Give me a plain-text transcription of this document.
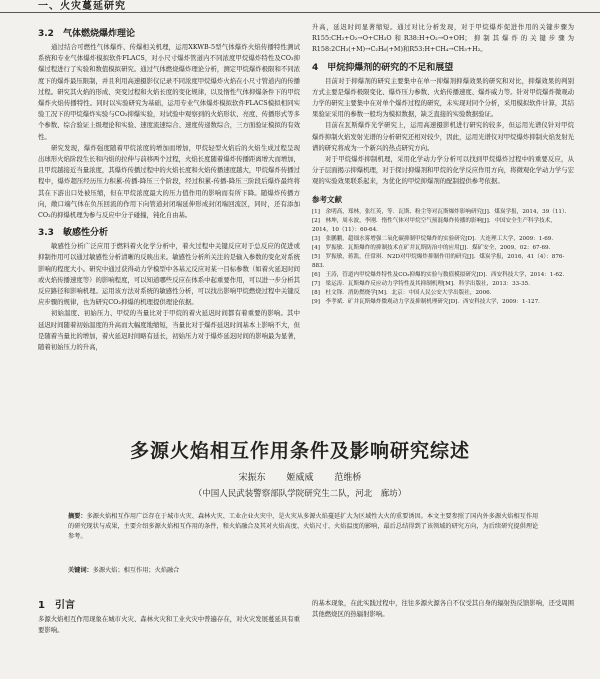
一、火灾蔓延研究
3.2　气体燃烧爆炸理论

通过结合可燃性气体爆炸、传爆相关机理，运用XKWB-5型气体爆炸火焰传播特性测试系统和专业气体爆炸模拟软件FLACS，对小尺寸爆炸管道内不同浓度甲烷爆炸特性及CO₂抑爆过程进行了实验和数值模拟研究。通过气体燃烧爆炸理论分析，测定甲烷爆炸极限和不同浓度下的爆炸最压限制，并且利用高速摄影仪记录不同浓度甲烷爆炸火焰在小尺寸管道内的传播过程。研究其火焰的形成、突变过程和火焰长度的变化规律，以及惰性气体抑爆条件下的甲烷爆炸火焰传播特性。同时以实验研究为基础，运用专业气体爆炸模拟软件FLACS模拟相同实验工况下的甲烷爆炸实验与CO₂抑爆实验，对试验中观察到的火焰形状、亮度、传播形式等多个参数、综合验证上级理论和实验、速度流速综合、速度传递数综合，三方面验证模拟的有效性。

研究发现，爆炸强度随着甲烷浓度的增加而增加，甲烷轻型火焰后的火焰生成过程呈现出球形火焰阶段生长和内焰的拉伸与前移两个过程，火焰长度随着爆炸传播距离增大而增加，且甲烷越接近当量浓度，其爆炸传播过程中的火焰长度和火焰传播速度越大，甲烷爆炸传播过程中，爆炸超压经历压力积累-传播-降压三个阶段，经过积累-传播-降压三阶段后爆炸最终将其在下游出口处被压缩，但在甲烷浓度最大的压力值作用的影响而有所下降。随爆炸传播方向，敞口端气体在负压回流的作用下向管道封闭端延伸形成封闭端回流区，同时，还有添加CO₂的抑爆机理为参与反应中分子碰撞，钝化自由基。

3.3　敏感性分析

敏感性分析广泛应用于燃料着火化学分析中，着火过程中关键反应对于总反应的促进或抑制作用可以通过敏感性分析清晰的反映出来。敏感性分析所关注的是输入参数的变化对系统影响的程度大小。研究中通过获得动力学模型中各基元反应对某一目标参数（如着火延迟时间或火焰传播速度等）的影响程度，可以知道哪些反应在体系中起重要作用，可以进一步分析其反应路径和影响机理。运用该方法对系统的敏感性分析，可以找出影响甲烷燃烧过程中关键反应步骤的规律，也为研究CO₂抑爆的机理提供理论依据。

初始温度、初始压力、甲烷的当量比对于甲烷的着火延迟时间都有着重要的影响。其中延迟时间随着初始温度的升高而大幅度地缩短，当量比对于爆炸延迟时间基本上影响不大，但是随着当量比的增加，着火延迟时间略有延长，初始压力对于爆炸延迟时间的影响最为显著，随着初始压力的升高，

升高，延迟时间显著缩短。通过对比分析发现，对于甲烷爆炸促进作用的关键步骤为R155:CH₃+O₂→O+CH₃O和R38:H+O₂→O+OH；抑制其爆炸的关键步骤为R158:2CH₃(+M)→C₂H₆(+M)和R53:H+CH₄→CH₃+H₂。

4　甲烷抑爆剂的研究的不足和展望

目前对于抑爆剂的研究主要集中在单一抑爆剂抑爆效果的研究和对比，抑爆效果的判别方式主要是爆炸极限变化、爆炸压力参数、火焰传播速度、爆炸威力等。针对甲烷爆炸微观动力学的研究主要集中在对单个爆炸过程的研究，未实现对同个分析，采用模拟软件计算，其结果验证采用的参数一般均为模拟数据，缺乏直接的实验数据验证。

目前在瓦斯爆炸光学研究上，运用高速摄影机进行研究的较多，但运用光谱仪针对甲烷爆炸抑制火焰发射光谱的分析研究还相对较少，因此，运用光谱仪对甲烷爆炸抑制火焰发射光谱的研究将成为一个新兴的热点研究方向。

对于甲烷爆炸抑制机理，采用化学动力学分析可以找到甲烷爆炸过程中的重要反应，从分子层面揭示抑爆机理，对于探讨抑爆剂和甲烷的化学反应作用方向，将微观化学动力学与宏观的实验效果联系起来，为优化的甲烷抑爆剂的配制提供参考依据。

参考文献
[1]　余明高，郑林，张红英，等．瓦斯、粉尘等对瓦斯爆炸影响研究[J]．煤炭学报，2014，39（11）．
[2]　林坤，周永波，李刚．惰性气体对甲烷空气预混爆炸传播的影响[J]．中国安全生产科学技术，2014，10（11）：60-64．
[3]　张鹏鹏，超细水雾增强二氧化碳抑制甲烷爆炸的实验研究[D]．大连理工大学，2009：1-69．
[4]　罗振敏．瓦斯爆炸的抑制技术在矿井瓦斯防治中的应用[J]．煤矿安全，2009，02：67-69．
[5]　罗振敏，蒋凯，任常琪．N2D对甲烷爆炸抑制作用的研究[J]．煤炭学报，2016，41（4）：876-883．
[6]　王涛，管道内甲烷爆炸特性及CO₂抑爆的实验与数值模拟研究[D]．西安科技大学，2014：1-62．
[7]　梁运涛．瓦斯爆炸反应动力学特性及其抑制机理[M]．科学出版社，2013：33-35．
[8]　杜文锋．消防燃烧学[M]．北京：中国人民公安大学出版社，2006．
[9]　李孝斌．矿井瓦斯爆炸微观动力学及抑制机理研究[D]．西安科技大学，2009：1-127．
多源火焰相互作用条件及影响研究综述
宋振东 姬威威 范维桥
（中国人民武装警察部队学院研究生二队，河北　廊坊）
摘要：多源火焰相互作用广泛存在于城市火灾、森林火灾、工业企业火灾中，是火灾从多源火焰蔓延扩大为区域性大火的重要诱因。本文主要参照了国内外多源火焰相互作用的研究现状与成果，主要介绍多源火焰相互作用的条件，和火焰融合及其对火焰高度、火焰尺寸、火焰温度的影响，最后总结得到了该领域的研究方向，为后续研究提供理论参考。
关键词：多源火焰；相互作用；火焰融合
1　引言

多源火焰相互作用现象在城市火灾、森林火灾和工业火灾中普遍存在，对火灾发展蔓延具有重要影响。

的基本现象，在此实践过程中，往往多源火源各自不仅受其自身的辐射热反馈影响，还受周围其他燃烧区的热辐射影响。
